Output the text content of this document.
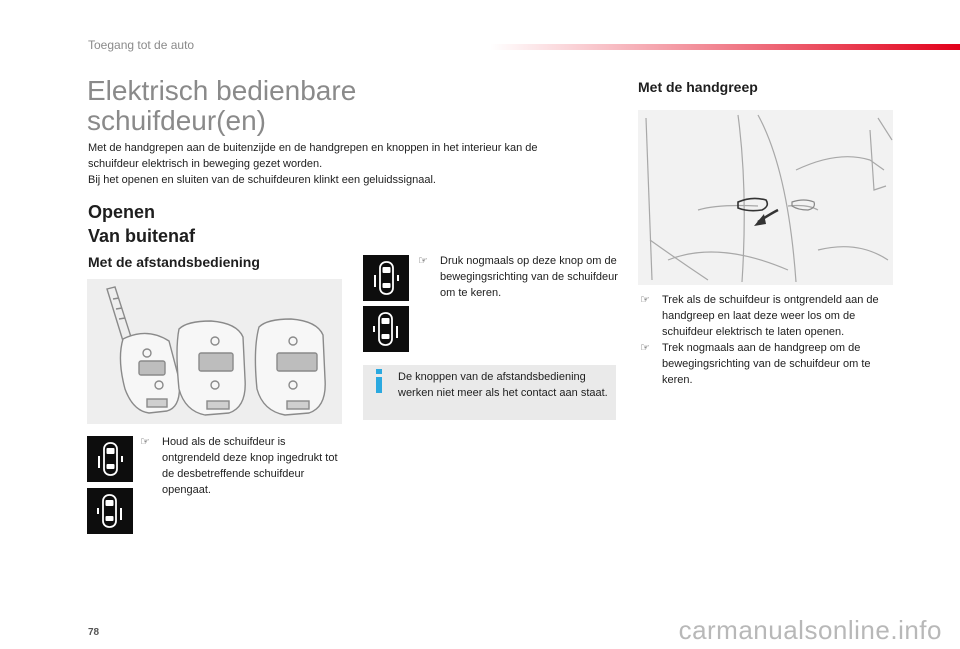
Toegang tot de auto
Elektrisch bedienbare schuifdeur(en)

Met de handgrepen aan de buitenzijde en de handgrepen en knoppen in het interieur kan de schuifdeur elektrisch in beweging gezet worden.

Bij het openen en sluiten van de schuifdeuren klinkt een geluidssignaal.

Openen
Van buitenaf
Met de afstandsbediening
☞ Houd als de schuifdeur is ontgrendeld deze knop ingedrukt tot de desbetreffende schuifdeur opengaat.
☞ Druk nogmaals op deze knop om de bewegingsrichting van de schuifdeur om te keren.
De knoppen van de afstandsbediening werken niet meer als het contact aan staat.
Met de handgreep
☞ Trek als de schuifdeur is ontgrendeld aan de handgreep en laat deze weer los om de schuifdeur elektrisch te laten openen.
☞ Trek nogmaals aan de handgreep om de bewegingsrichting van de schuifdeur om te keren.
78	carmanualsonline.info
